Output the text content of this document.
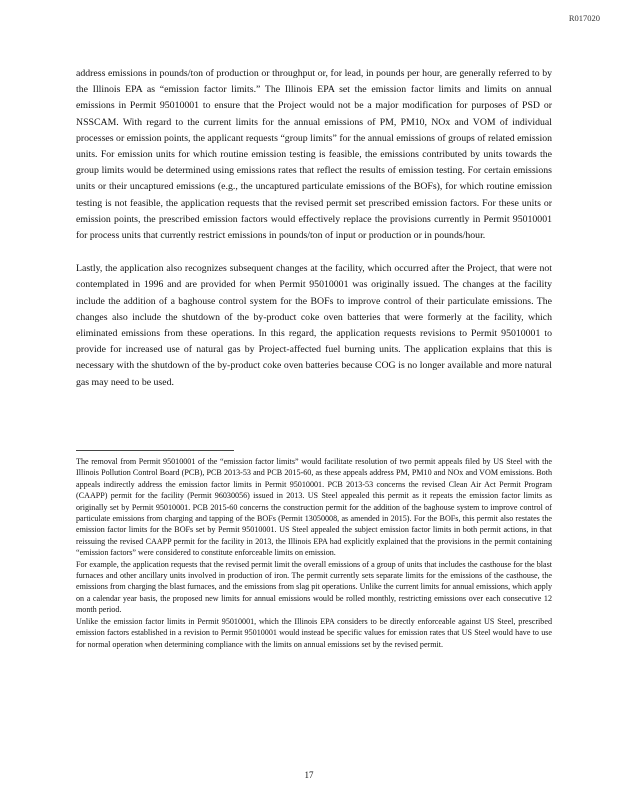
R017020

address emissions in pounds/ton of production or throughput or, for lead, in pounds per hour, are generally referred to by the Illinois EPA as “emission factor limits.” The Illinois EPA set the emission factor limits and limits on annual emissions in Permit 95010001 to ensure that the Project would not be a major modification for purposes of PSD or NSSCAM. With regard to the current limits for the annual emissions of PM, PM10, NOx and VOM of individual processes or emission points, the applicant requests “group limits” for the annual emissions of groups of related emission units. For emission units for which routine emission testing is feasible, the emissions contributed by units towards the group limits would be determined using emissions rates that reflect the results of emission testing. For certain emissions units or their uncaptured emissions (e.g., the uncaptured particulate emissions of the BOFs), for which routine emission testing is not feasible, the application requests that the revised permit set prescribed emission factors. For these units or emission points, the prescribed emission factors would effectively replace the provisions currently in Permit 95010001 for process units that currently restrict emissions in pounds/ton of input or production or in pounds/hour.

Lastly, the application also recognizes subsequent changes at the facility, which occurred after the Project, that were not contemplated in 1996 and are provided for when Permit 95010001 was originally issued. The changes at the facility include the addition of a baghouse control system for the BOFs to improve control of their particulate emissions. The changes also include the shutdown of the by-product coke oven batteries that were formerly at the facility, which eliminated emissions from these operations. In this regard, the application requests revisions to Permit 95010001 to provide for increased use of natural gas by Project-affected fuel burning units. The application explains that this is necessary with the shutdown of the by-product coke oven batteries because COG is no longer available and more natural gas may need to be used.

The removal from Permit 95010001 of the “emission factor limits” would facilitate resolution of two permit appeals filed by US Steel with the Illinois Pollution Control Board (PCB), PCB 2013-53 and PCB 2015-60, as these appeals address PM, PM10 and NOx and VOM emissions. Both appeals indirectly address the emission factor limits in Permit 95010001. PCB 2013-53 concerns the revised Clean Air Act Permit Program (CAAPP) permit for the facility (Permit 96030056) issued in 2013. US Steel appealed this permit as it repeats the emission factor limits as originally set by Permit 95010001. PCB 2015-60 concerns the construction permit for the addition of the baghouse system to improve control of particulate emissions from charging and tapping of the BOFs (Permit 13050008, as amended in 2015). For the BOFs, this permit also restates the emission factor limits for the BOFs set by Permit 95010001. US Steel appealed the subject emission factor limits in both permit actions, in that reissuing the revised CAAPP permit for the facility in 2013, the Illinois EPA had explicitly explained that the provisions in the permit containing “emission factors” were considered to constitute enforceable limits on emission.

For example, the application requests that the revised permit limit the overall emissions of a group of units that includes the casthouse for the blast furnaces and other ancillary units involved in production of iron. The permit currently sets separate limits for the emissions of the casthouse, the emissions from charging the blast furnaces, and the emissions from slag pit operations. Unlike the current limits for annual emissions, which apply on a calendar year basis, the proposed new limits for annual emissions would be rolled monthly, restricting emissions over each consecutive 12 month period.

Unlike the emission factor limits in Permit 95010001, which the Illinois EPA considers to be directly enforceable against US Steel, prescribed emission factors established in a revision to Permit 95010001 would instead be specific values for emission rates that US Steel would have to use for normal operation when determining compliance with the limits on annual emissions set by the revised permit.

17
